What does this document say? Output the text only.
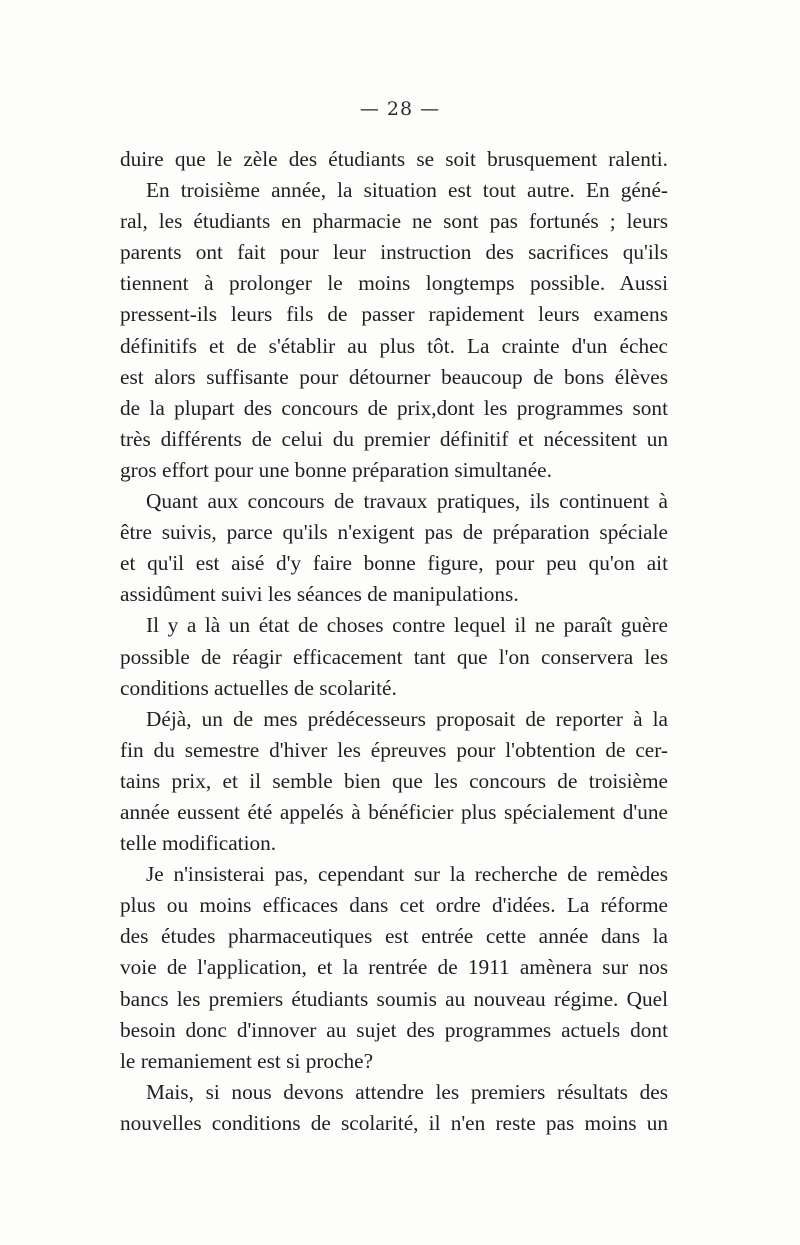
— 28 —
duire que le zèle des étudiants se soit brusquement ralenti.
En troisième année, la situation est tout autre. En géné-
ral, les étudiants en pharmacie ne sont pas fortunés ; leurs
parents ont fait pour leur instruction des sacrifices qu'ils
tiennent à prolonger le moins longtemps possible. Aussi
pressent-ils leurs fils de passer rapidement leurs examens
définitifs et de s'établir au plus tôt. La crainte d'un échec
est alors suffisante pour détourner beaucoup de bons élèves
de la plupart des concours de prix,dont les programmes sont
très différents de celui du premier définitif et nécessitent un
gros effort pour une bonne préparation simultanée.
Quant aux concours de travaux pratiques, ils continuent à
être suivis, parce qu'ils n'exigent pas de préparation spéciale
et qu'il est aisé d'y faire bonne figure, pour peu qu'on ait
assidûment suivi les séances de manipulations.
Il y a là un état de choses contre lequel il ne paraît guère
possible de réagir efficacement tant que l'on conservera les
conditions actuelles de scolarité.
Déjà, un de mes prédécesseurs proposait de reporter à la
fin du semestre d'hiver les épreuves pour l'obtention de cer-
tains prix, et il semble bien que les concours de troisième
année eussent été appelés à bénéficier plus spécialement d'une
telle modification.
Je n'insisterai pas, cependant sur la recherche de remèdes
plus ou moins efficaces dans cet ordre d'idées. La réforme
des études pharmaceutiques est entrée cette année dans la
voie de l'application, et la rentrée de 1911 amènera sur nos
bancs les premiers étudiants soumis au nouveau régime. Quel
besoin donc d'innover au sujet des programmes actuels dont
le remaniement est si proche?
Mais, si nous devons attendre les premiers résultats des
nouvelles conditions de scolarité, il n'en reste pas moins un
